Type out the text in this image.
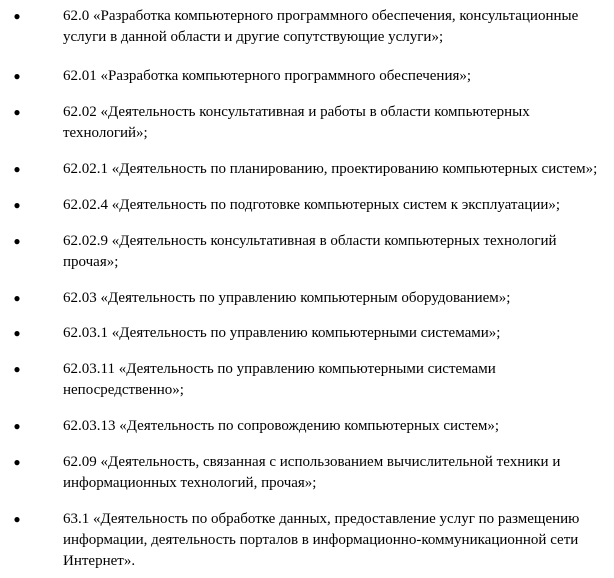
●	62.0 «Разработка компьютерного программного обеспечения, консультационные
услуги в данной области и другие сопутствующие услуги»;
●	62.01 «Разработка компьютерного программного обеспечения»;
●	62.02 «Деятельность консультативная и работы в области компьютерных
технологий»;
●	62.02.1 «Деятельность по планированию, проектированию компьютерных систем»;
●	62.02.4 «Деятельность по подготовке компьютерных систем к эксплуатации»;
●	62.02.9 «Деятельность консультативная в области компьютерных технологий
прочая»;
●	62.03 «Деятельность по управлению компьютерным оборудованием»;
●	62.03.1 «Деятельность по управлению компьютерными системами»;
●	62.03.11 «Деятельность по управлению компьютерными системами
непосредственно»;
●	62.03.13 «Деятельность по сопровождению компьютерных систем»;
●	62.09 «Деятельность, связанная с использованием вычислительной техники и
информационных технологий, прочая»;
●	63.1 «Деятельность по обработке данных, предоставление услуг по размещению
информации, деятельность порталов в информационно-коммуникационной сети
Интернет».
